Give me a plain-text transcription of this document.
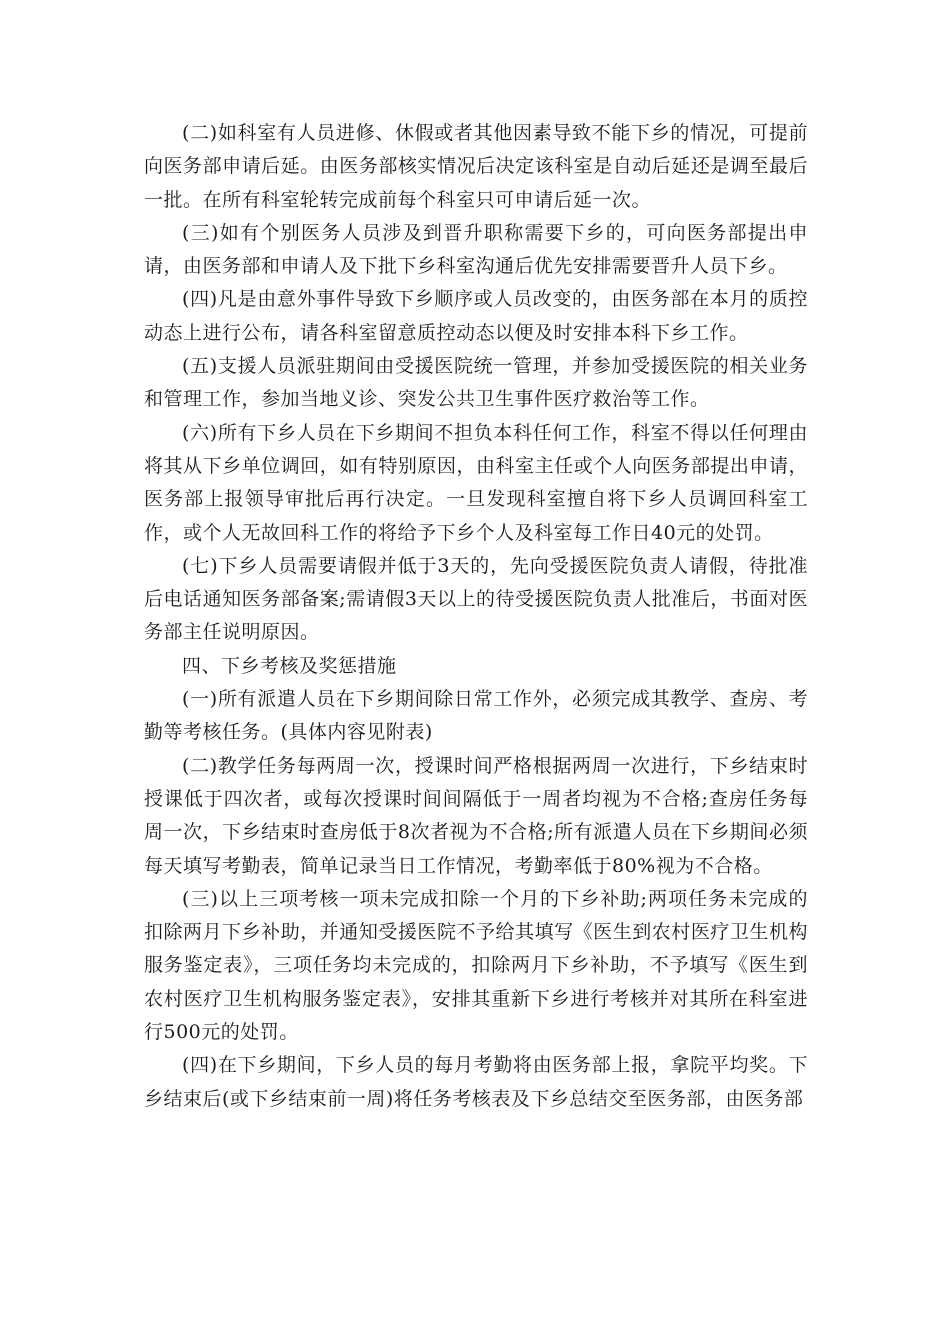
(二)如科室有人员进修、休假或者其他因素导致不能下乡的情况，可提前向医务部申请后延。由医务部核实情况后决定该科室是自动后延还是调至最后一批。在所有科室轮转完成前每个科室只可申请后延一次。

(三)如有个别医务人员涉及到晋升职称需要下乡的，可向医务部提出申请，由医务部和申请人及下批下乡科室沟通后优先安排需要晋升人员下乡。

(四)凡是由意外事件导致下乡顺序或人员改变的，由医务部在本月的质控动态上进行公布，请各科室留意质控动态以便及时安排本科下乡工作。

(五)支援人员派驻期间由受援医院统一管理，并参加受援医院的相关业务和管理工作，参加当地义诊、突发公共卫生事件医疗救治等工作。

(六)所有下乡人员在下乡期间不担负本科任何工作，科室不得以任何理由将其从下乡单位调回，如有特别原因，由科室主任或个人向医务部提出申请，医务部上报领导审批后再行决定。一旦发现科室擅自将下乡人员调回科室工作，或个人无故回科工作的将给予下乡个人及科室每工作日40元的处罚。

(七)下乡人员需要请假并低于3天的，先向受援医院负责人请假，待批准后电话通知医务部备案;需请假3天以上的待受援医院负责人批准后，书面对医务部主任说明原因。

四、下乡考核及奖惩措施

(一)所有派遣人员在下乡期间除日常工作外，必须完成其教学、查房、考勤等考核任务。(具体内容见附表)

(二)教学任务每两周一次，授课时间严格根据两周一次进行，下乡结束时授课低于四次者，或每次授课时间间隔低于一周者均视为不合格;查房任务每周一次，下乡结束时查房低于8次者视为不合格;所有派遣人员在下乡期间必须每天填写考勤表，简单记录当日工作情况，考勤率低于80%视为不合格。

(三)以上三项考核一项未完成扣除一个月的下乡补助;两项任务未完成的扣除两月下乡补助，并通知受援医院不予给其填写《医生到农村医疗卫生机构服务鉴定表》，三项任务均未完成的，扣除两月下乡补助，不予填写《医生到农村医疗卫生机构服务鉴定表》，安排其重新下乡进行考核并对其所在科室进行500元的处罚。

(四)在下乡期间，下乡人员的每月考勤将由医务部上报，拿院平均奖。下乡结束后(或下乡结束前一周)将任务考核表及下乡总结交至医务部，由医务部
